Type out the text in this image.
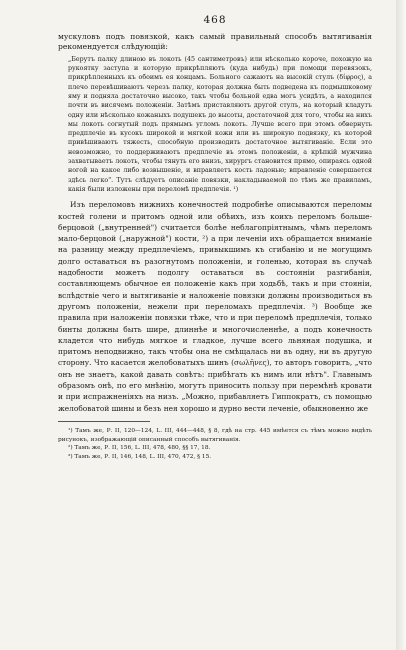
468

мускуловъ подъ повязкой, какъ самый правильный способъ вытягиванія рекомендуется слѣдующій:

„Берутъ палку длиною въ локоть (45 сантиметровъ) или нѣсколько короче, похожую на рукоятку заступа и которую прикрѣпляютъ (куда нибудь) при помощи перевязокъ, прикрѣпленныхъ къ обоимъ ея концамъ. Больного сажаютъ на высокій стулъ (δίφρος), а плечо перевѣшиваютъ черезъ палку, которая должна быть подведена къ подмышковому яму и подняла достаточно высоко, такъ чтобы больной едва могъ усидѣть, а находился почти въ висячемъ положеніи. Затѣмъ приставляютъ другой стулъ, на который кладутъ одну или нѣсколько кожаныхъ подушекъ до высоты, достаточной для того, чтобы на нихъ мы локоть согнутый подъ прямымъ угломъ локоть. Лучше всего при этомъ обвернуть предплечіе въ кусокъ широкой и мягкой кожи или въ широкую подвязку, къ которой привѣшиваютъ тяжесть, способную производить достаточное вытягиваніе. Если это невозможно, то поддерживаютъ предплечіе въ этомъ положеніи, а крѣпкій мужчина захватываетъ локоть, чтобы тянуть его внизъ, хирургъ становится прямо, опираясь одной ногой на какое либо возвышеніе, и вправляетъ кость ладонью; вправленіе совершается здѣсь легко". Тутъ слѣдуетъ описаніе повязки, накладываемой по тѣмъ же правиламъ, какія были изложены при переломѣ предплечія. ¹)

Изъ переломовъ нижнихъ конечностей подробнѣе описываются переломы костей голени и притомъ одной или обѣихъ, изъ коихъ переломъ больше-берцовой („внутренней") считается болѣе неблагопріятнымъ, чѣмъ переломъ мало-берцовой („наружной") кости, ²) а при леченіи ихъ обращается вниманіе на разницу между предплечіемъ, привыкшимъ къ сгибанію и не могущимъ долго оставаться въ разогнутомъ положеніи, и голенью, которая въ случаѣ надобности можетъ подолгу оставаться въ состояніи разгибанія, составляющемъ обычное ея положеніе какъ при ходьбѣ, такъ и при стояніи, вслѣдствіе чего и вытягиваніе и наложеніе повязки должны производиться въ другомъ положеніи, нежели при переломахъ предплечія. ³) Вообще же правила при наложеніи повязки тѣже, что и при переломѣ предплечія, только бинты должны быть шире, длиннѣе и многочисленнѣе, а подъ конечность кладется что нибудь мягкое и гладкое, лучше всего льняная подушка, и притомъ неподвижно, такъ чтобы она не смѣщалась ни въ одну, ни въ другую сторону. Что касается желобоватыхъ шинъ (σωλῆνες), то авторъ говоритъ, „что онъ не знаетъ, какой давать совѣтъ: прибѣгать къ нимъ или нѣтъ". Главнымъ образомъ онѣ, по его мнѣнію, могутъ приносить пользу при перемѣнѣ кровати и при испражненіяхъ на низъ. „Можно, прибавляетъ Гиппократъ, съ помощью желобоватой шины и безъ нея хорошо и дурно вести леченіе, обыкновенно же

¹) Тамъ же, Р. II, 120—124, L. III, 444—448, § 8, гдѣ на стр. 445 имѣется съ тѣмъ можно видѣть рисунокъ, изображающій описанный способъ вытягиванія.

²) Тамъ же, Р. II, 156, L. III, 478, 480, §§ 17, 18.

³) Тамъ же, Р. II, 146, 148, L. III, 470, 472, § 15.
